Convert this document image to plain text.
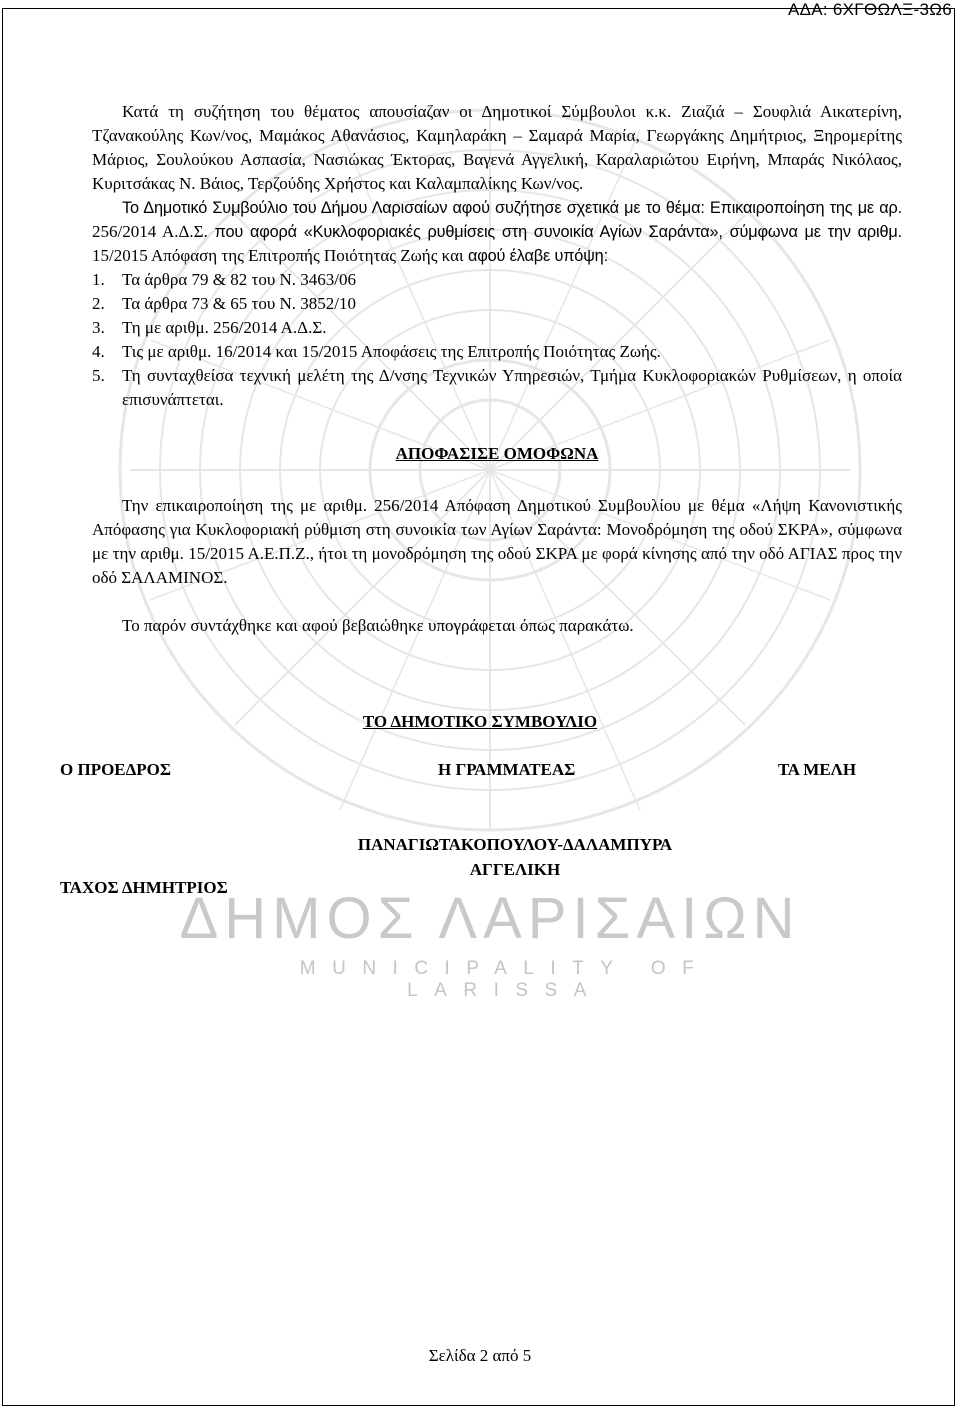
ΑΔΑ: 6ΧΓΘΩΛΞ-3Ω6
ΔΗΜΟΣ ΛΑΡΙΣΑΙΩΝ
MUNICIPALITY OF LARISSA

Κατά τη συζήτηση του θέματος απουσίαζαν οι Δημοτικοί Σύμβουλοι κ.κ. Ζιαζιά – Σουφλιά Αικατερίνη, Τζανακούλης Κων/νος, Μαμάκος Αθανάσιος, Καμηλαράκη – Σαμαρά Μαρία, Γεωργάκης Δημήτριος, Ξηρομερίτης Μάριος, Σουλούκου Ασπασία, Νασιώκας Έκτορας, Βαγενά Αγγελική, Καραλαριώτου Ειρήνη, Μπαράς Νικόλαος, Κυριτσάκας Ν. Βάιος, Τερζούδης Χρήστος και Καλαμπαλίκης Κων/νος.

Το Δημοτικό Συμβούλιο του Δήμου Λαρισαίων αφού συζήτησε σχετικά με το θέμα: Επικαιροποίηση της με αρ. 256/2014 Α.Δ.Σ. που αφορά «Κυκλοφοριακές ρυθμίσεις στη συνοικία Αγίων Σαράντα», σύμφωνα με την αριθμ. 15/2015 Απόφαση της Επιτροπής Ποιότητας Ζωής και αφού έλαβε υπόψη:

1.	Τα άρθρα 79 & 82 του Ν. 3463/06
2.	Τα άρθρα 73 & 65 του Ν. 3852/10
3.	Τη με αριθμ. 256/2014 Α.Δ.Σ.
4.	Τις με αριθμ. 16/2014 και 15/2015 Αποφάσεις της Επιτροπής Ποιότητας Ζωής.
5.	Τη συνταχθείσα τεχνική μελέτη της Δ/νσης Τεχνικών Υπηρεσιών, Τμήμα Κυκλοφοριακών Ρυθμίσεων, η οποία επισυνάπτεται.
ΑΠΟΦΑΣΙΣΕ ΟΜΟΦΩΝΑ

Την επικαιροποίηση της με αριθμ. 256/2014 Απόφαση Δημοτικού Συμβουλίου με θέμα «Λήψη Κανονιστικής Απόφασης για Κυκλοφοριακή ρύθμιση στη συνοικία των Αγίων Σαράντα: Μονοδρόμηση της οδού ΣΚΡΑ», σύμφωνα με την αριθμ. 15/2015 Α.Ε.Π.Ζ., ήτοι τη μονοδρόμηση της οδού ΣΚΡΑ με φορά κίνησης από την οδό ΑΓΙΑΣ προς την οδό ΣΑΛΑΜΙΝΟΣ.

Το παρόν συντάχθηκε και αφού βεβαιώθηκε υπογράφεται όπως παρακάτω.

ΤΟ ΔΗΜΟΤΙΚΟ ΣΥΜΒΟΥΛΙΟ
Ο ΠΡΟΕΔΡΟΣ	Η ΓΡΑΜΜΑΤΕΑΣ	ΤΑ ΜΕΛΗ
ΠΑΝΑΓΙΩΤΑΚΟΠΟΥΛΟΥ-ΔΑΛΑΜΠΥΡΑ
ΑΓΓΕΛΙΚΗ
ΤΑΧΟΣ ΔΗΜΗΤΡΙΟΣ
Σελίδα 2 από 5
